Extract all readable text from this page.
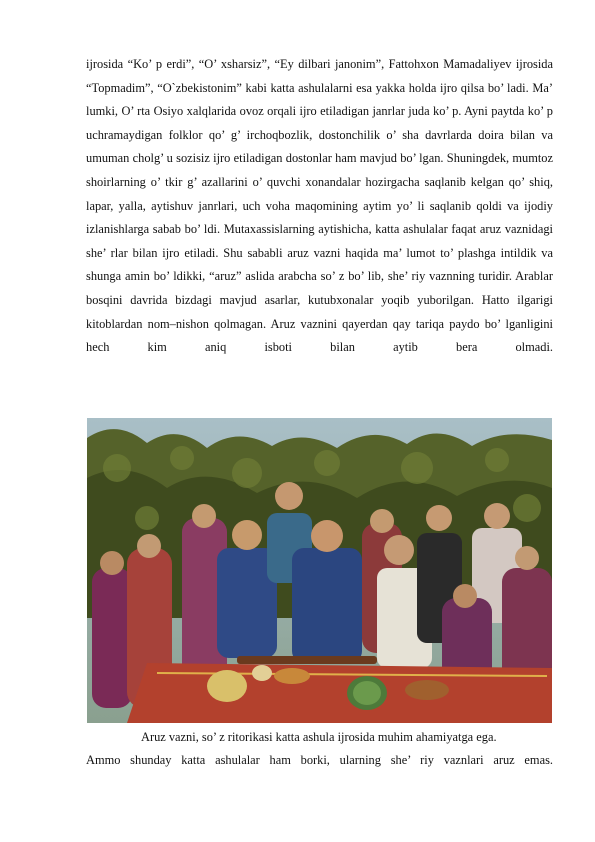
ijrosida “Ko’ p erdi”, “O’ xsharsiz”, “Ey dilbari janonim”, Fattohxon Mamadaliyev ijrosida “Topmadim”, “O`zbekistonim” kabi katta ashulalarni esa yakka holda ijro qilsa bo’ ladi. Ma’ lumki, O’ rta Osiyo xalqlarida ovoz orqali ijro etiladigan janrlar juda ko’ p. Ayni paytda ko’ p uchramaydigan folklor qo’ g’ irchoqbozlik, dostonchilik o’ sha davrlarda doira bilan va umuman cholg’ u sozisiz ijro etiladigan dostonlar ham mavjud bo’ lgan. Shuningdek, mumtoz shoirlarning o’ tkir g’ azallarini o’ quvchi xonandalar hozirgacha saqlanib kelgan qo’ shiq, lapar, yalla, aytishuv janrlari, uch voha maqomining aytim yo’ li saqlanib qoldi va ijodiy izlanishlarga sabab bo’ ldi. Mutaxassislarning aytishicha, katta ashulalar faqat aruz vaznidagi she’ rlar bilan ijro etiladi. Shu sababli aruz vazni haqida ma’ lumot to’ plashga intildik va shunga amin bo’ ldikki, “aruz” aslida arabcha so’ z bo’ lib, she’ riy vaznning turidir. Arablar bosqini davrida bizdagi mavjud asarlar, kutubxonalar yoqib yuborilgan. Hatto ilgarigi kitoblardan nom–nishon qolmagan. Aruz vaznini qayerdan qay tariqa paydo bo’ lganligini hech kim aniq isboti bilan aytib bera olmadi.

Aruz vazni, so’ z ritorikasi katta ashula ijrosida muhim ahamiyatga ega.

Ammo shunday katta ashulalar ham borki, ularning she’ riy vaznlari aruz emas.
